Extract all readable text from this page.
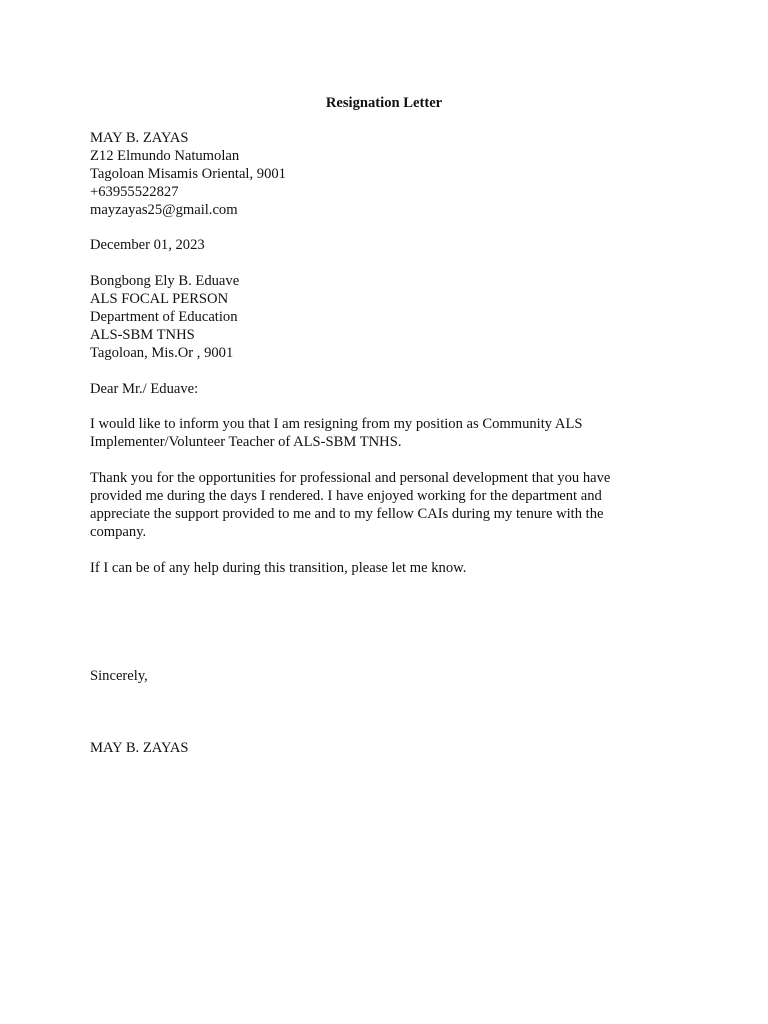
Resignation Letter
MAY B. ZAYAS
Z12 Elmundo Natumolan
Tagoloan Misamis Oriental, 9001
+63955522827
mayzayas25@gmail.com
December 01, 2023
Bongbong Ely B. Eduave
ALS FOCAL PERSON
Department of Education
ALS-SBM TNHS
Tagoloan, Mis.Or , 9001
Dear Mr./ Eduave:
I would like to inform you that I am resigning from my position as Community ALS
Implementer/Volunteer Teacher of ALS-SBM TNHS.
Thank you for the opportunities for professional and personal development that you have
provided me during the days I rendered. I have enjoyed working for the department and
appreciate the support provided to me and to my fellow CAIs during my tenure with the
company.
If I can be of any help during this transition, please let me know.
Sincerely,
MAY B. ZAYAS
